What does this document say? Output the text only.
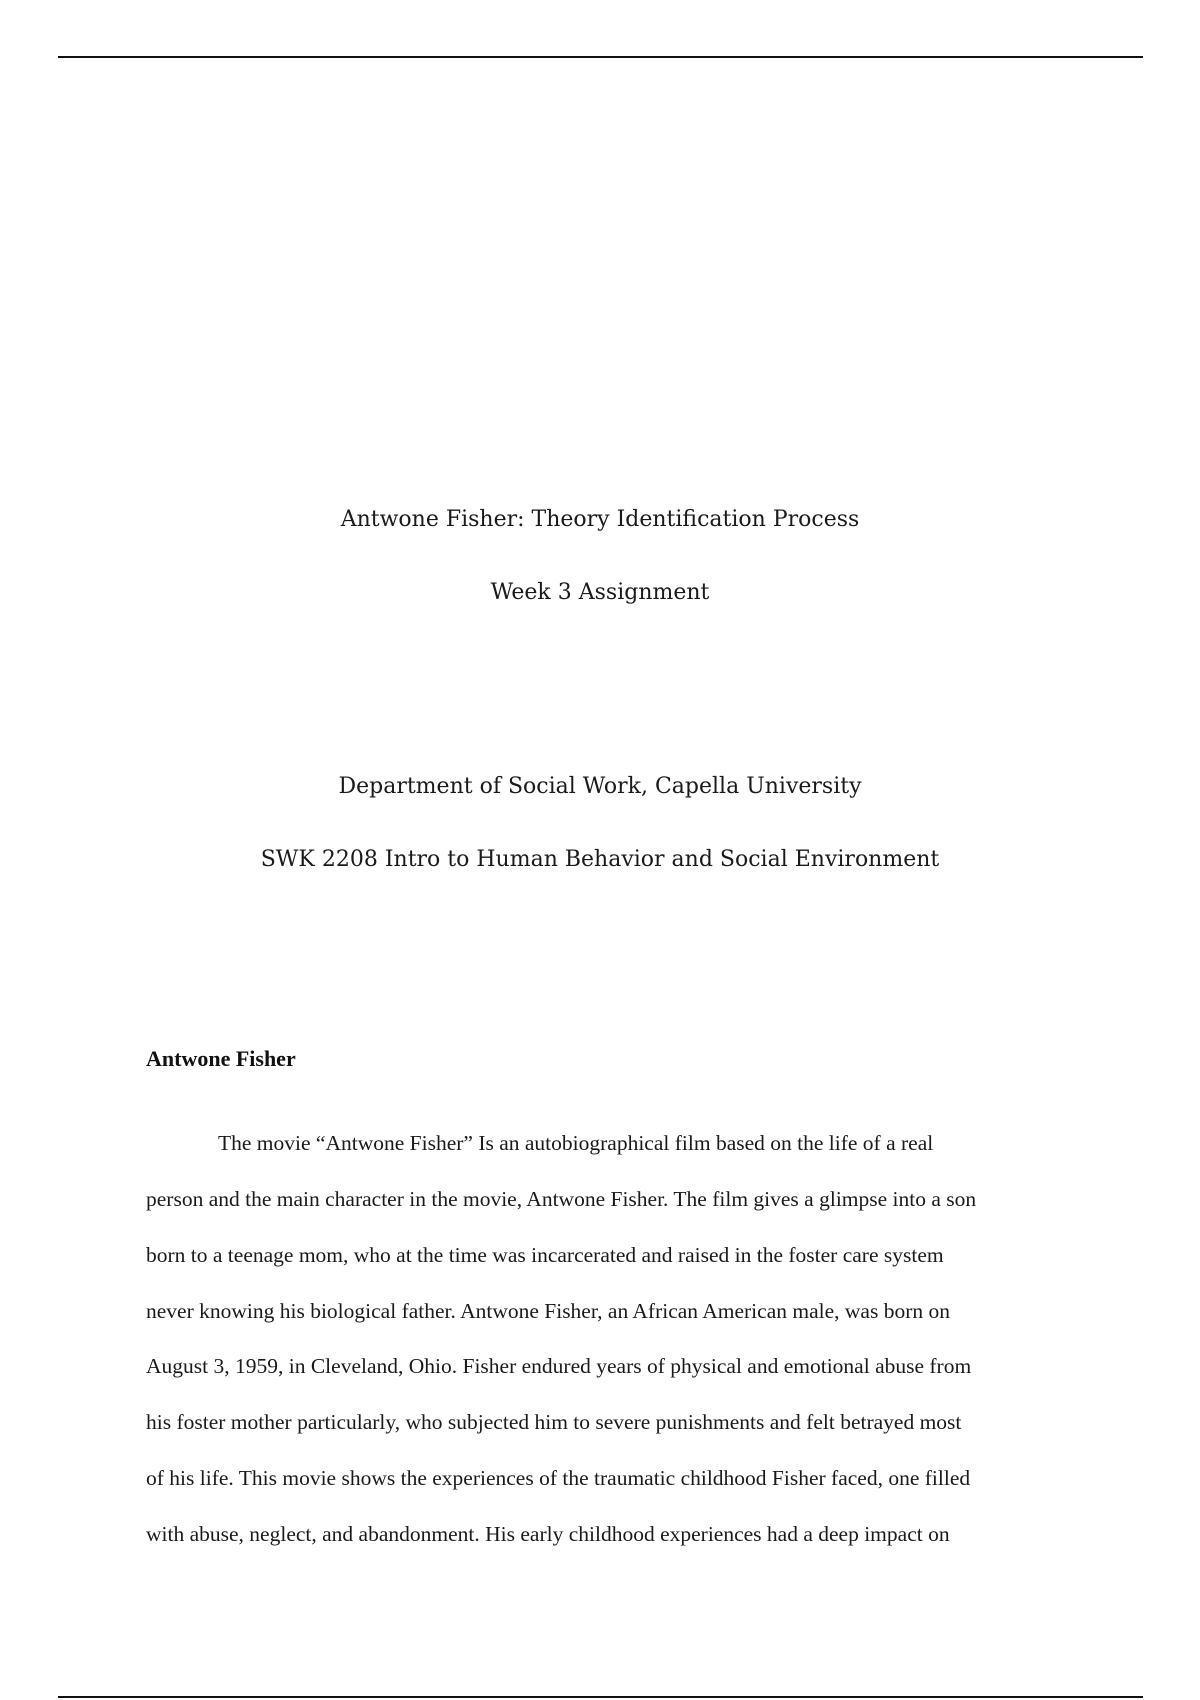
Antwone Fisher: Theory Identification Process
Week 3 Assignment
Department of Social Work, Capella University
SWK 2208 Intro to Human Behavior and Social Environment
Antwone Fisher
The movie “Antwone Fisher” Is an autobiographical film based on the life of a real
person and the main character in the movie, Antwone Fisher. The film gives a glimpse into a son
born to a teenage mom, who at the time was incarcerated and raised in the foster care system
never knowing his biological father. Antwone Fisher, an African American male, was born on
August 3, 1959, in Cleveland, Ohio. Fisher endured years of physical and emotional abuse from
his foster mother particularly, who subjected him to severe punishments and felt betrayed most
of his life. This movie shows the experiences of the traumatic childhood Fisher faced, one filled
with abuse, neglect, and abandonment. His early childhood experiences had a deep impact on
